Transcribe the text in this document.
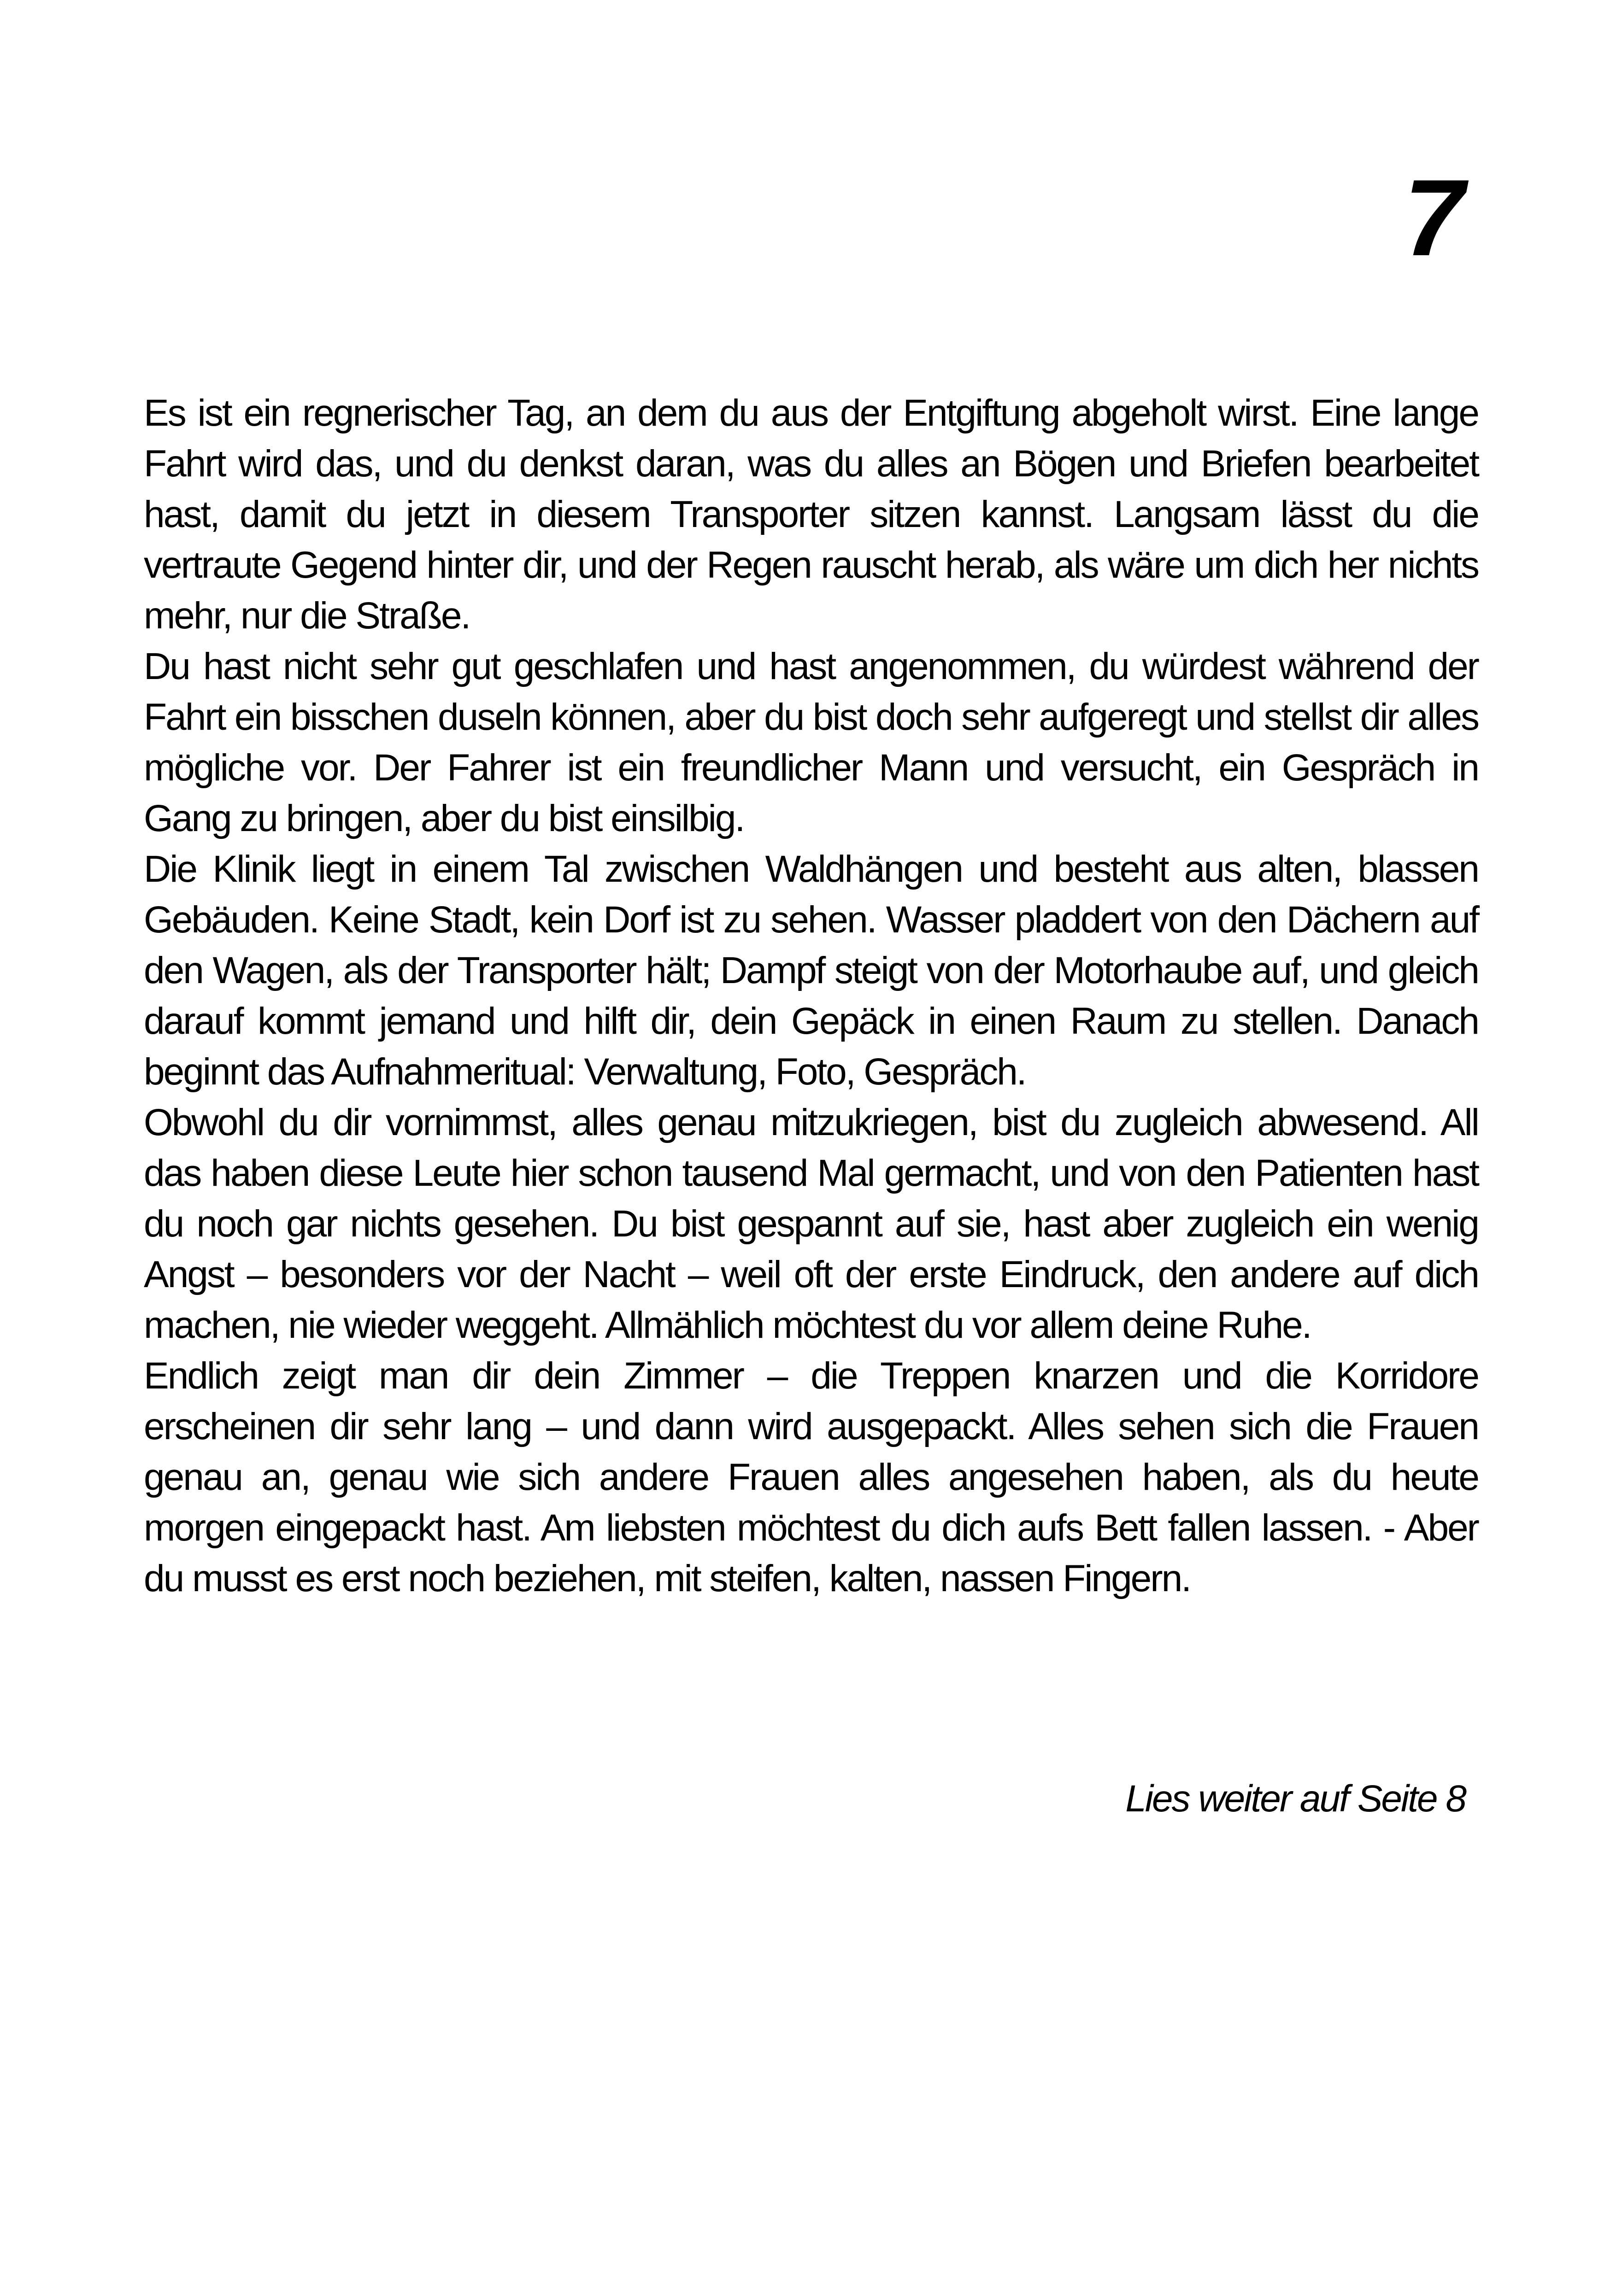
7

Es ist ein regnerischer Tag, an dem du aus der Entgiftung abgeholt wirst. Eine lange Fahrt wird das, und du denkst daran, was du alles an Bögen und Briefen bearbeitet hast, damit du jetzt in diesem Transporter sitzen kannst. Langsam lässt du die vertraute Gegend hinter dir, und der Regen rauscht herab, als wäre um dich her nichts mehr, nur die Straße.

Du hast nicht sehr gut geschlafen und hast angenommen, du würdest während der Fahrt ein bisschen duseln können, aber du bist doch sehr aufgeregt und stellst dir alles mögliche vor. Der Fahrer ist ein freundlicher Mann und versucht, ein Gespräch in Gang zu bringen, aber du bist einsilbig.

Die Klinik liegt in einem Tal zwischen Waldhängen und besteht aus alten, blassen Gebäuden. Keine Stadt, kein Dorf ist zu sehen. Wasser pladdert von den Dächern auf den Wagen, als der Transporter hält; Dampf steigt von der Motorhaube auf, und gleich darauf kommt jemand und hilft dir, dein Gepäck in einen Raum zu stellen. Danach beginnt das Aufnahmeritual: Verwaltung, Foto, Gespräch.

Obwohl du dir vornimmst, alles genau mitzukriegen, bist du zugleich abwesend. All das haben diese Leute hier schon tausend Mal germacht, und von den Patienten hast du noch gar nichts gesehen. Du bist gespannt auf sie, hast aber zugleich ein wenig Angst – besonders vor der Nacht – weil oft der erste Eindruck, den andere auf dich machen, nie wieder weggeht. Allmählich möchtest du vor allem deine Ruhe.

Endlich zeigt man dir dein Zimmer – die Treppen knarzen und die Korridore erscheinen dir sehr lang – und dann wird ausgepackt. Alles sehen sich die Frauen genau an, genau wie sich andere Frauen alles angesehen haben, als du heute morgen eingepackt hast. Am liebsten möchtest du dich aufs Bett fallen lassen. - Aber du musst es erst noch beziehen, mit steifen, kalten, nassen Fingern.

Lies weiter auf Seite 8
